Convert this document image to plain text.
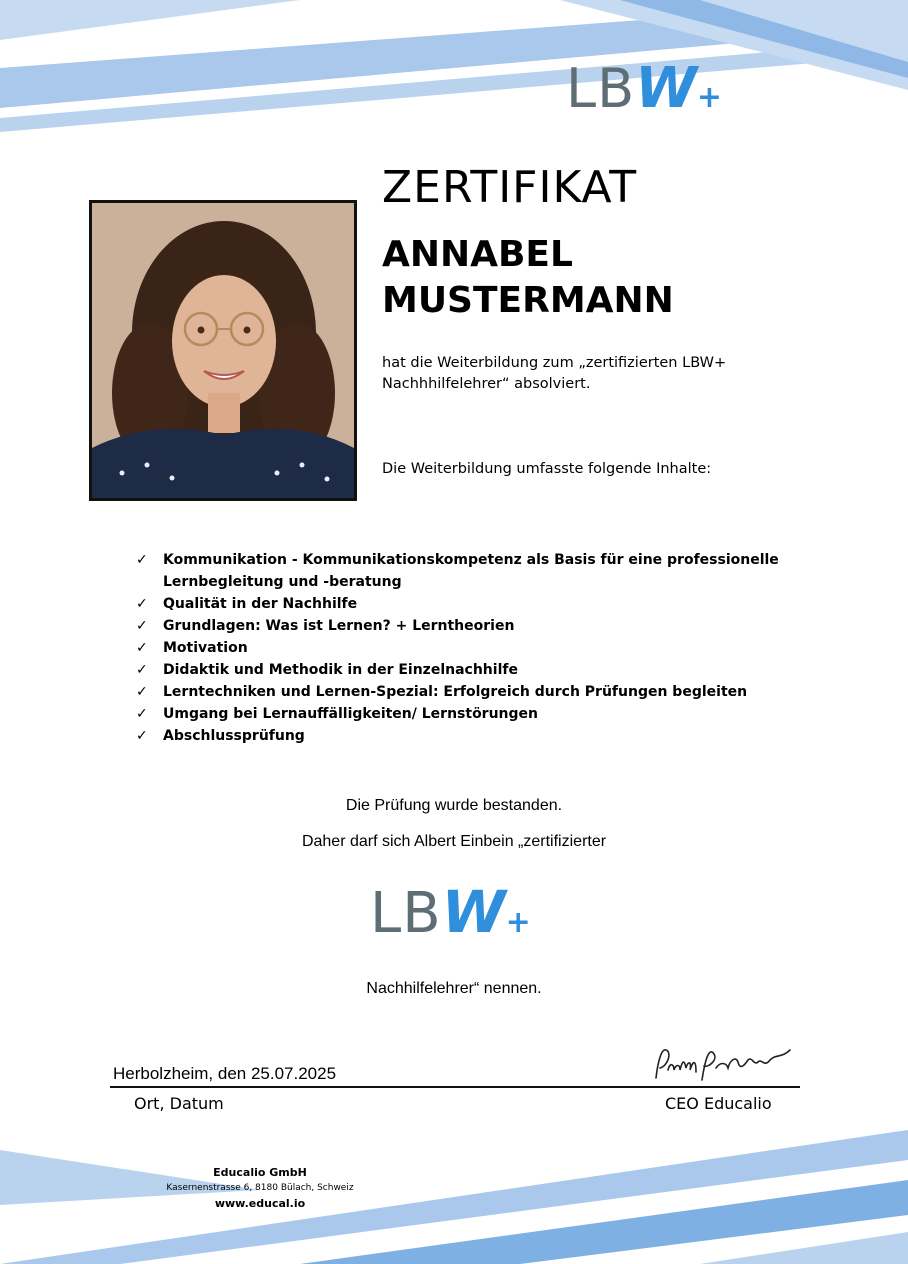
LB W +
ZERTIFIKAT
ANNABEL
MUSTERMANN
hat die Weiterbildung zum „zertifizierten LBW+
Nachhhilfelehrer“ absolviert.
Die Weiterbildung umfasste folgende Inhalte:
✓ Kommunikation - Kommunikationskompetenz als Basis für eine professionelle
Lernbegleitung und -beratung
✓ Qualität in der Nachhilfe
✓ Grundlagen: Was ist Lernen? + Lerntheorien
✓ Motivation
✓ Didaktik und Methodik in der Einzelnachhilfe
✓ Lerntechniken und Lernen-Spezial: Erfolgreich durch Prüfungen begleiten
✓ Umgang bei Lernauffälligkeiten/ Lernstörungen
✓ Abschlussprüfung
Die Prüfung wurde bestanden.
Daher darf sich Albert Einbein „zertifizierter
LB W +
Nachhilfelehrer“ nennen.
Herbolzheim, den 25.07.2025
Ort, Datum	CEO Educalio
Educalio GmbH
Kasernenstrasse 6, 8180 Bülach, Schweiz
www.educal.io
